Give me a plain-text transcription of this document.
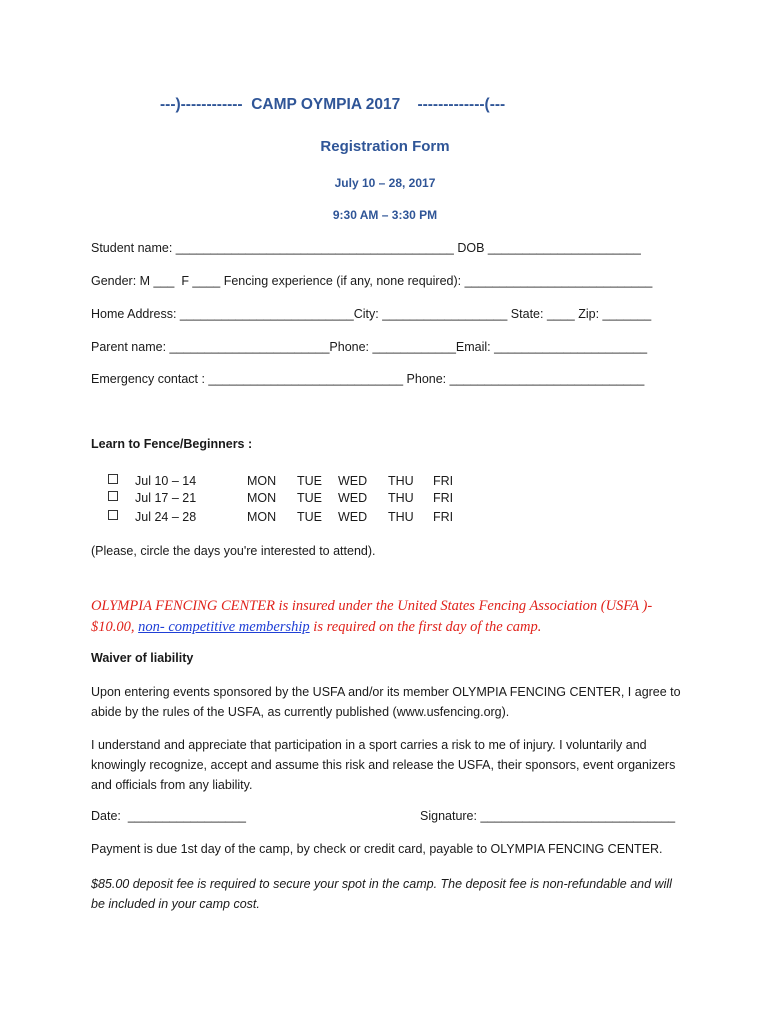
---)------------  CAMP OYMPIA 2017    -------------(---
Registration Form
July 10 – 28, 2017
9:30 AM – 3:30 PM
Student name: ________________________________________ DOB ______________________
Gender: M ___  F ____ Fencing experience (if any, none required): ___________________________
Home Address: _________________________City: __________________ State: ____ Zip: _______
Parent name: _______________________Phone: ____________Email: ______________________
Emergency contact : ____________________________ Phone: ____________________________
Learn to Fence/Beginners :
Jul 10 – 14	MON TUE WED THU FRI
Jul 17 – 21	MON TUE WED THU FRI
Jul 24 – 28	MON TUE WED THU FRI
(Please, circle the days you're interested to attend).
OLYMPIA FENCING CENTER is insured under the United States Fencing Association (USFA )- $10.00, non- competitive membership is required on the first day of the camp.
Waiver of liability
Upon entering events sponsored by the USFA and/or its member OLYMPIA FENCING CENTER, I agree to abide by the rules of the USFA, as currently published (www.usfencing.org).
I understand and appreciate that participation in a sport carries a risk to me of injury. I voluntarily and knowingly recognize, accept and assume this risk and release the USFA, their sponsors, event organizers and officials from any liability.
Date:  _________________	Signature: ____________________________
Payment is due 1st day of the camp, by check or credit card, payable to OLYMPIA FENCING CENTER.
$85.00 deposit fee is required to secure your spot in the camp. The deposit fee is non-refundable and will be included in your camp cost.
